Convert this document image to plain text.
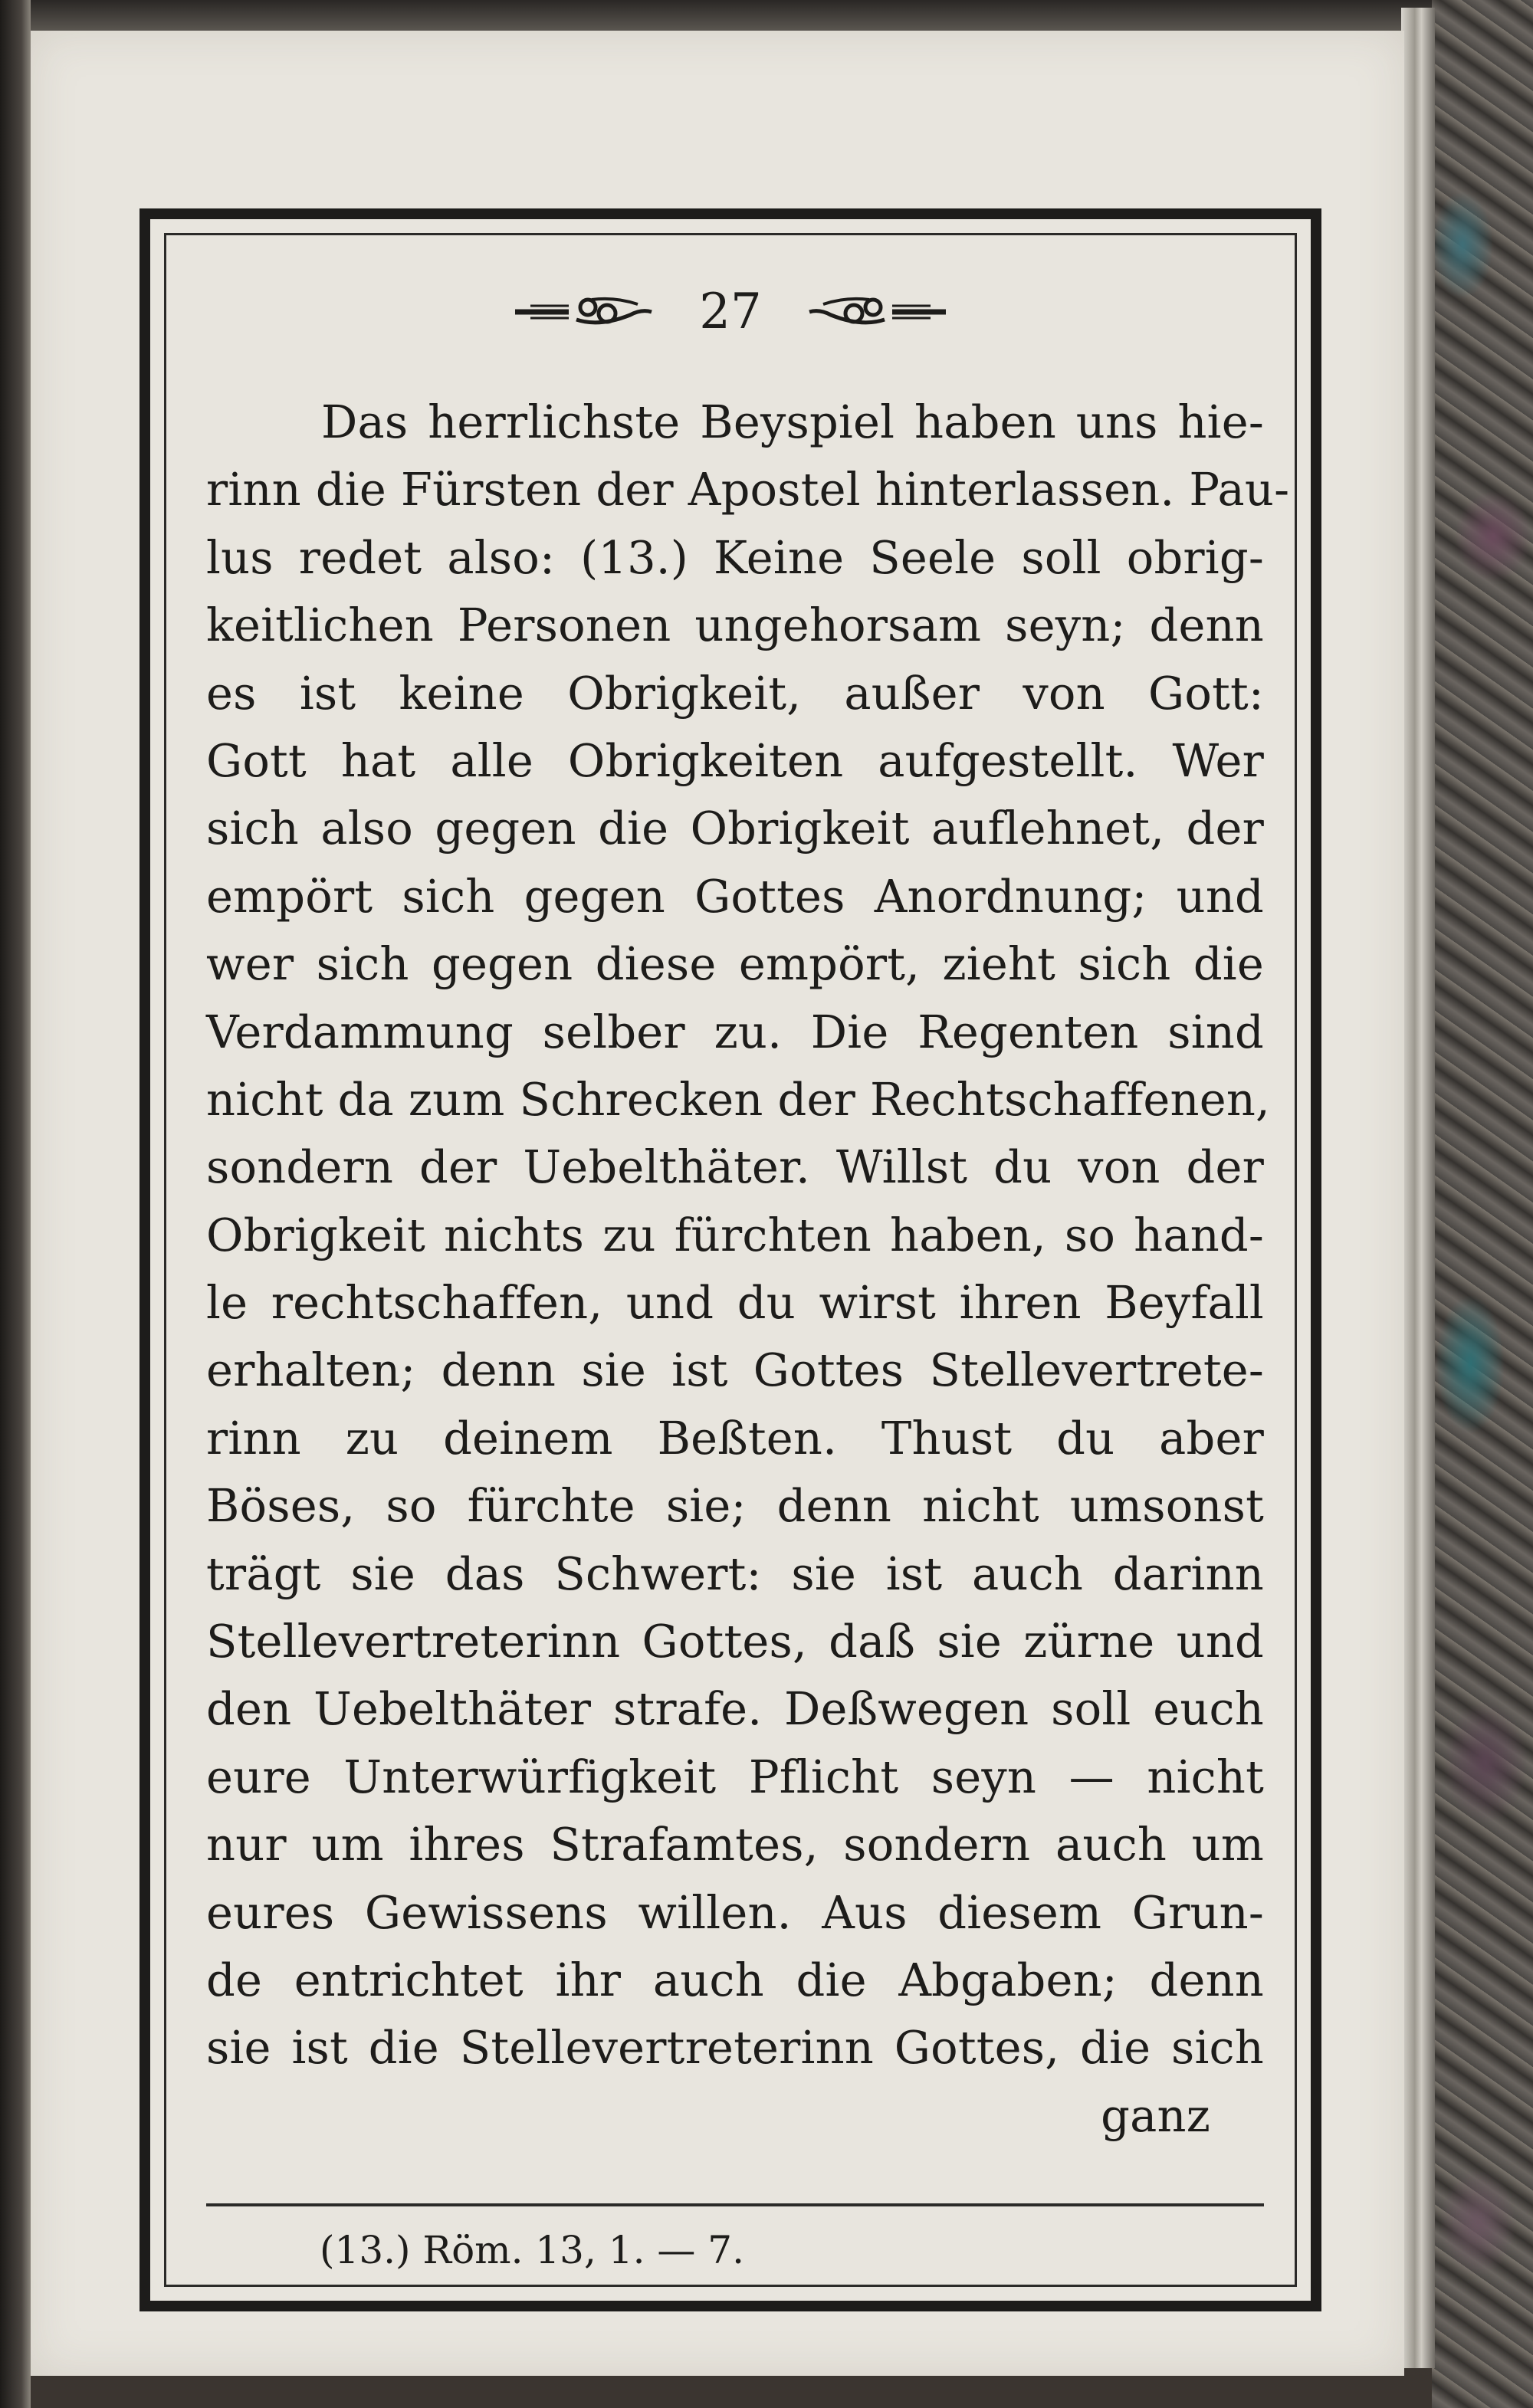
27
Das herrlichste Beyspiel haben uns hie-
rinn die Fürsten der Apostel hinterlassen. Pau-
lus redet also: (13.) Keine Seele soll obrig-
keitlichen Personen ungehorsam seyn; denn
es ist keine Obrigkeit, außer von Gott:
Gott hat alle Obrigkeiten aufgestellt. Wer
sich also gegen die Obrigkeit auflehnet, der
empört sich gegen Gottes Anordnung; und
wer sich gegen diese empört, zieht sich die
Verdammung selber zu. Die Regenten sind
nicht da zum Schrecken der Rechtschaffenen,
sondern der Uebelthäter. Willst du von der
Obrigkeit nichts zu fürchten haben, so hand-
le rechtschaffen, und du wirst ihren Beyfall
erhalten; denn sie ist Gottes Stellevertrete-
rinn zu deinem Beßten. Thust du aber
Böses, so fürchte sie; denn nicht umsonst
trägt sie das Schwert: sie ist auch darinn
Stellevertreterinn Gottes, daß sie zürne und
den Uebelthäter strafe. Deßwegen soll euch
eure Unterwürfigkeit Pflicht seyn — nicht
nur um ihres Strafamtes, sondern auch um
eures Gewissens willen. Aus diesem Grun-
de entrichtet ihr auch die Abgaben; denn
sie ist die Stellevertreterinn Gottes, die sich
ganz
(13.) Röm. 13, 1. — 7.
